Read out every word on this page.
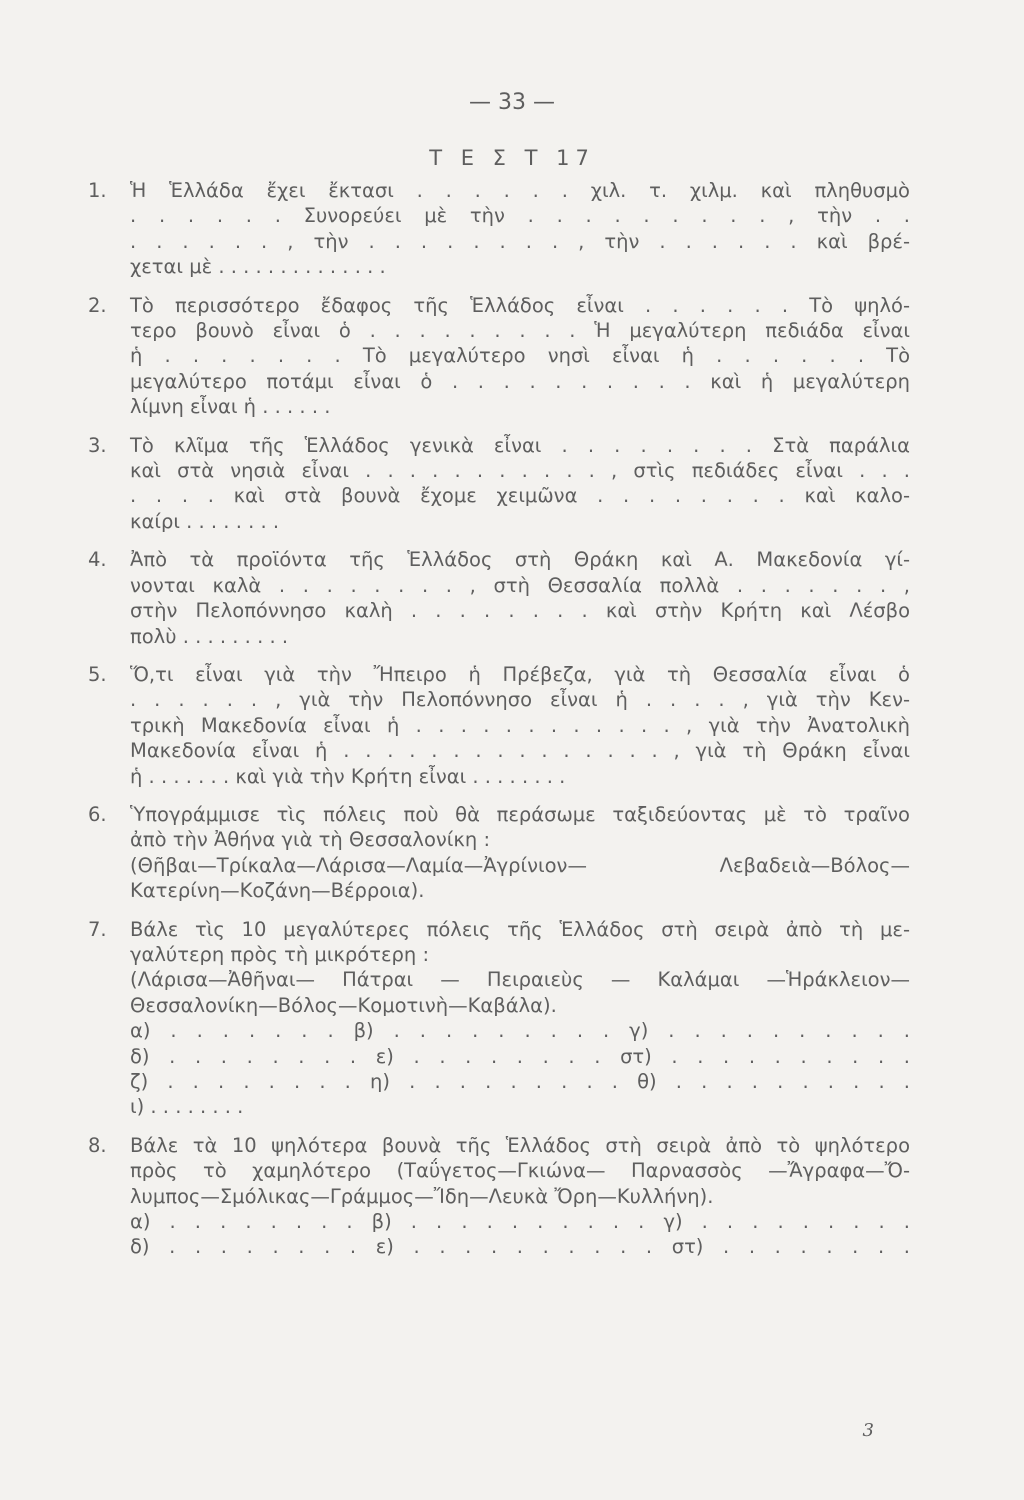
— 33 —
Τ Ε Σ Τ 17
1.	Ἡ Ἑλλάδα ἔχει ἔκτασι . . . . . . χιλ. τ. χιλμ. καὶ πληθυσμὸ
. . . . . . Συνορεύει μὲ τὴν . . . . . . . . . , τὴν . .
. . . . . . , τὴν . . . . . . . . , τὴν . . . . . . καὶ βρέ-
χεται μὲ . . . . . . . . . . . . . .
2.	Τὸ περισσότερο ἔδαφος τῆς Ἑλλάδος εἶναι . . . . . . Τὸ ψηλό-
τερο βουνὸ εἶναι ὁ . . . . . . . . . Ἡ μεγαλύτερη πεδιάδα εἶναι
ἡ . . . . . . . Τὸ μεγαλύτερο νησὶ εἶναι ἡ . . . . . . Τὸ
μεγαλύτερο ποτάμι εἶναι ὁ . . . . . . . . . . καὶ ἡ μεγαλύτερη
λίμνη εἶναι ἡ . . . . . .
3.	Τὸ κλῖμα τῆς Ἑλλάδος γενικὰ εἶναι . . . . . . . . Στὰ παράλια
καὶ στὰ νησιὰ εἶναι . . . . . . . . . . . , στὶς πεδιάδες εἶναι . . .
. . . . καὶ στὰ βουνὰ ἔχομε χειμῶνα . . . . . . . . καὶ καλο-
καίρι . . . . . . . .
4.	Ἀπὸ τὰ προϊόντα τῆς Ἑλλάδος στὴ Θράκη καὶ Α. Μακεδονία γί-
νονται καλὰ . . . . . . . . , στὴ Θεσσαλία πολλὰ . . . . . . . ,
στὴν Πελοπόννησο καλὴ . . . . . . . . καὶ στὴν Κρήτη καὶ Λέσβο
πολὺ . . . . . . . . .
5.	Ὅ,τι εἶναι γιὰ τὴν Ἤπειρο ἡ Πρέβεζα, γιὰ τὴ Θεσσαλία εἶναι ὁ
. . . . . . , γιὰ τὴν Πελοπόννησο εἶναι ἡ . . . . , γιὰ τὴν Κεν-
τρικὴ Μακεδονία εἶναι ἡ . . . . . . . . . . . . , γιὰ τὴν Ἀνατολικὴ
Μακεδονία εἶναι ἡ . . . . . . . . . . . . . . . , γιὰ τὴ Θράκη εἶναι
ἡ . . . . . . . καὶ γιὰ τὴν Κρήτη εἶναι . . . . . . . .
6.	Ὑπογράμμισε τὶς πόλεις ποὺ θὰ περάσωμε ταξιδεύοντας μὲ τὸ τραῖνο
ἀπὸ τὴν Ἀθήνα γιὰ τὴ Θεσσαλονίκη :
(Θῆβαι—Τρίκαλα—Λάρισα—Λαμία—Ἀγρίνιον— Λεβαδειὰ—Βόλος—
Κατερίνη—Κοζάνη—Βέρροια).
7.	Βάλε τὶς 10 μεγαλύτερες πόλεις τῆς Ἑλλάδος στὴ σειρὰ ἀπὸ τὴ με-
γαλύτερη πρὸς τὴ μικρότερη :
(Λάρισα—Ἀθῆναι— Πάτραι — Πειραιεὺς — Καλάμαι —Ἡράκλειον—
Θεσσαλονίκη—Βόλος—Κομοτινὴ—Καβάλα).
α) . . . . . . . β) . . . . . . . . . γ) . . . . . . . . . .
δ) . . . . . . . . ε) . . . . . . . . στ) . . . . . . . . . .
ζ) . . . . . . . . η) . . . . . . . . . θ) . . . . . . . . . .
ι) . . . . . . . .
8.	Βάλε τὰ 10 ψηλότερα βουνὰ τῆς Ἑλλάδος στὴ σειρὰ ἀπὸ τὸ ψηλότερο
πρὸς τὸ χαμηλότερο (Ταΰγετος—Γκιώνα— Παρνασσὸς —Ἄγραφα—Ὄ-
λυμπος—Σμόλικας—Γράμμος—Ἴδη—Λευκὰ Ὄρη—Κυλλήνη).
α) . . . . . . . . β) . . . . . . . . . . γ) . . . . . . . . .
δ) . . . . . . . . ε) . . . . . . . . . . στ) . . . . . . . .
3
